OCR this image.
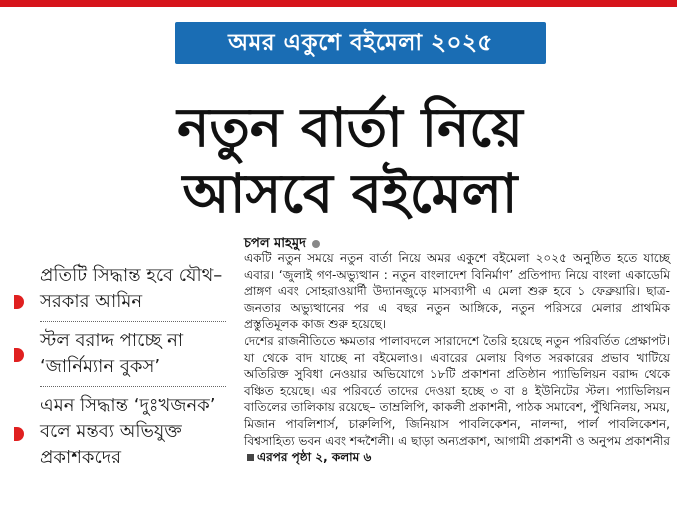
অমর একুশে বইমেলা ২০২৫
নতুন বার্তা নিয়ে
আসবে বইমেলা
প্রতিটি সিদ্ধান্ত হবে যৌথ– সরকার আমিন
স্টল বরাদ্দ পাচ্ছে না ‘জার্নিম্যান বুকস’
এমন সিদ্ধান্ত ‘দুঃখজনক’ বলে মন্তব্য অভিযুক্ত প্রকাশকদের
চপল মাহমুদ

একটি নতুন সময়ে নতুন বার্তা নিয়ে অমর একুশে বইমেলা ২০২৫ অনুষ্ঠিত হতে যাচ্ছে এবার। ‘জুলাই গণ-অভ্যুত্থান : নতুন বাংলাদেশ বিনির্মাণ’ প্রতিপাদ্য নিয়ে বাংলা একাডেমি প্রাঙ্গণ এবং সোহরাওয়ার্দী উদ্যানজুড়ে মাসব্যাপী এ মেলা শুরু হবে ১ ফেব্রুয়ারি। ছাত্র-জনতার অভ্যুত্থানের পর এ বছর নতুন আঙ্গিকে, নতুন পরিসরে মেলার প্রাথমিক প্রস্তুতিমূলক কাজ শুরু হয়েছে।

দেশের রাজনীতিতে ক্ষমতার পালাবদলে সারাদেশে তৈরি হয়েছে নতুন পরিবর্তিত প্রেক্ষাপট। যা থেকে বাদ যাচ্ছে না বইমেলাও। এবারের মেলায় বিগত সরকারের প্রভাব খাটিয়ে অতিরিক্ত সুবিধা নেওয়ার অভিযোগে ১৮টি প্রকাশনা প্রতিষ্ঠান প্যাভিলিয়ন বরাদ্দ থেকে বঞ্চিত হয়েছে। এর পরিবর্তে তাদের দেওয়া হচ্ছে ৩ বা ৪ ইউনিটের স্টল। প্যাভিলিয়ন বাতিলের তালিকায় রয়েছে– তাম্রলিপি, কাকলী প্রকাশনী, পাঠক সমাবেশ, পুঁথিনিলয়, সময়, মিজান পাবলিশার্স, চারুলিপি, জিনিয়াস পাবলিকেশন, নালন্দা, পার্ল পাবলিকেশন, বিশ্বসাহিত্য ভবন এবং শব্দশৈলী। এ ছাড়া অন্যপ্রকাশ, আগামী প্রকাশনী ও অনুপম প্রকাশনীরএরপর পৃষ্ঠা ২, কলাম ৬
